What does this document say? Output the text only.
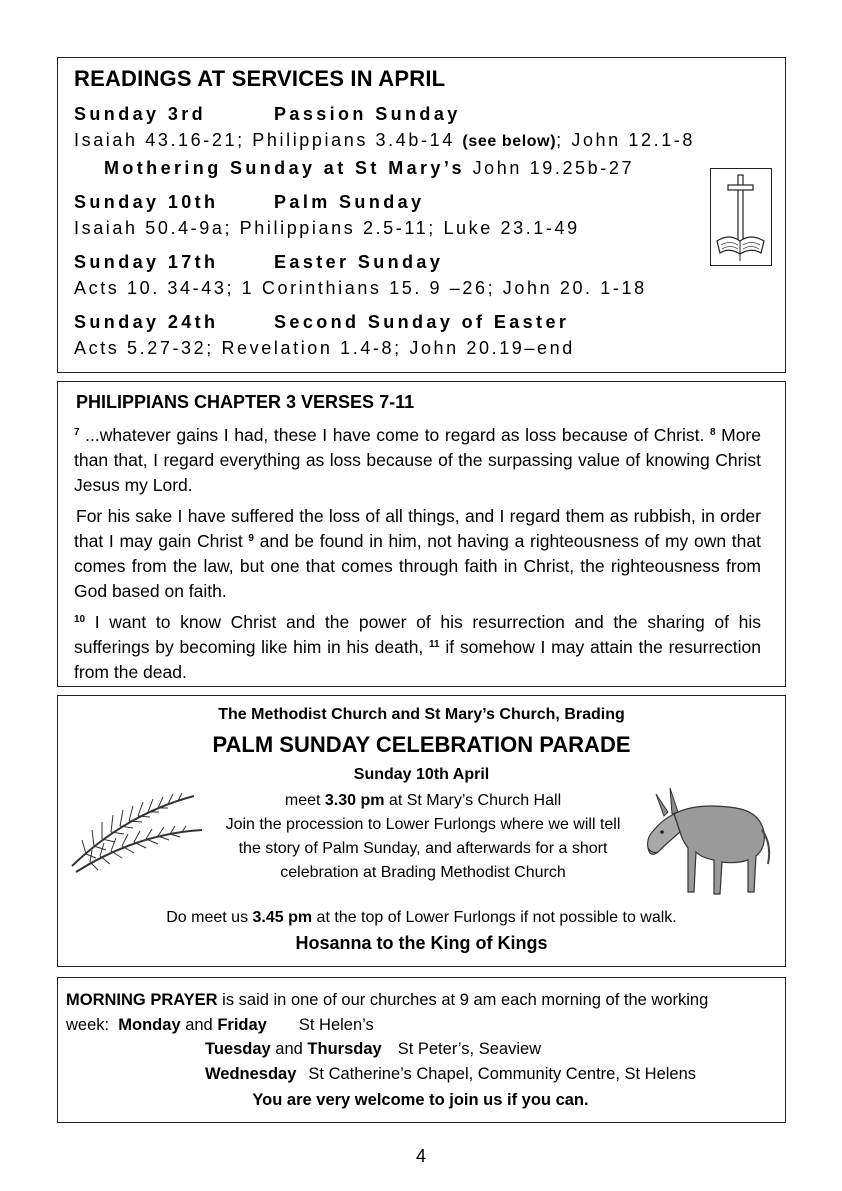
READINGS AT SERVICES IN APRIL
Sunday 3rd	Passion Sunday
Isaiah 43.16-21; Philippians 3.4b-14 (see below); John 12.1-8
Mothering Sunday at St Mary’s John 19.25b-27
Sunday 10th	Palm Sunday
Isaiah 50.4-9a; Philippians 2.5-11; Luke 23.1-49
Sunday 17th	Easter Sunday
Acts 10. 34-43; 1 Corinthians 15. 9 –26; John 20. 1-18
Sunday 24th	Second Sunday of Easter
Acts 5.27-32; Revelation 1.4-8; John 20.19–end
PHILIPPIANS CHAPTER 3 VERSES 7-11

$^7$ ...whatever gains I had, these I have come to regard as loss because of Christ. $^8$ More than that, I regard everything as loss because of the surpassing value of knowing Christ Jesus my Lord.

For his sake I have suffered the loss of all things, and I regard them as rubbish, in order that I may gain Christ $^9$ and be found in him, not having a righteousness of my own that comes from the law, but one that comes through faith in Christ, the righteousness from God based on faith.

$^{10}$ I want to know Christ and the power of his resurrection and the sharing of his sufferings by becoming like him in his death, $^{11}$ if somehow I may attain the resurrection from the dead.

The Methodist Church and St Mary’s Church, Brading
PALM SUNDAY CELEBRATION PARADE
Sunday 10th April
meet 3.30 pm at St Mary’s Church Hall
Join the procession to Lower Furlongs where we will tell the story of Palm Sunday, and afterwards for a short celebration at Brading Methodist Church
Do meet us 3.45 pm at the top of Lower Furlongs if not possible to walk.
Hosanna to the King of Kings
MORNING PRAYER is said in one of our churches at 9 am each morning of the working week: Monday and Friday St Helen’s
Tuesday and Thursday St Peter’s, Seaview
Wednesday St Catherine’s Chapel, Community Centre, St Helens
You are very welcome to join us if you can.
4
